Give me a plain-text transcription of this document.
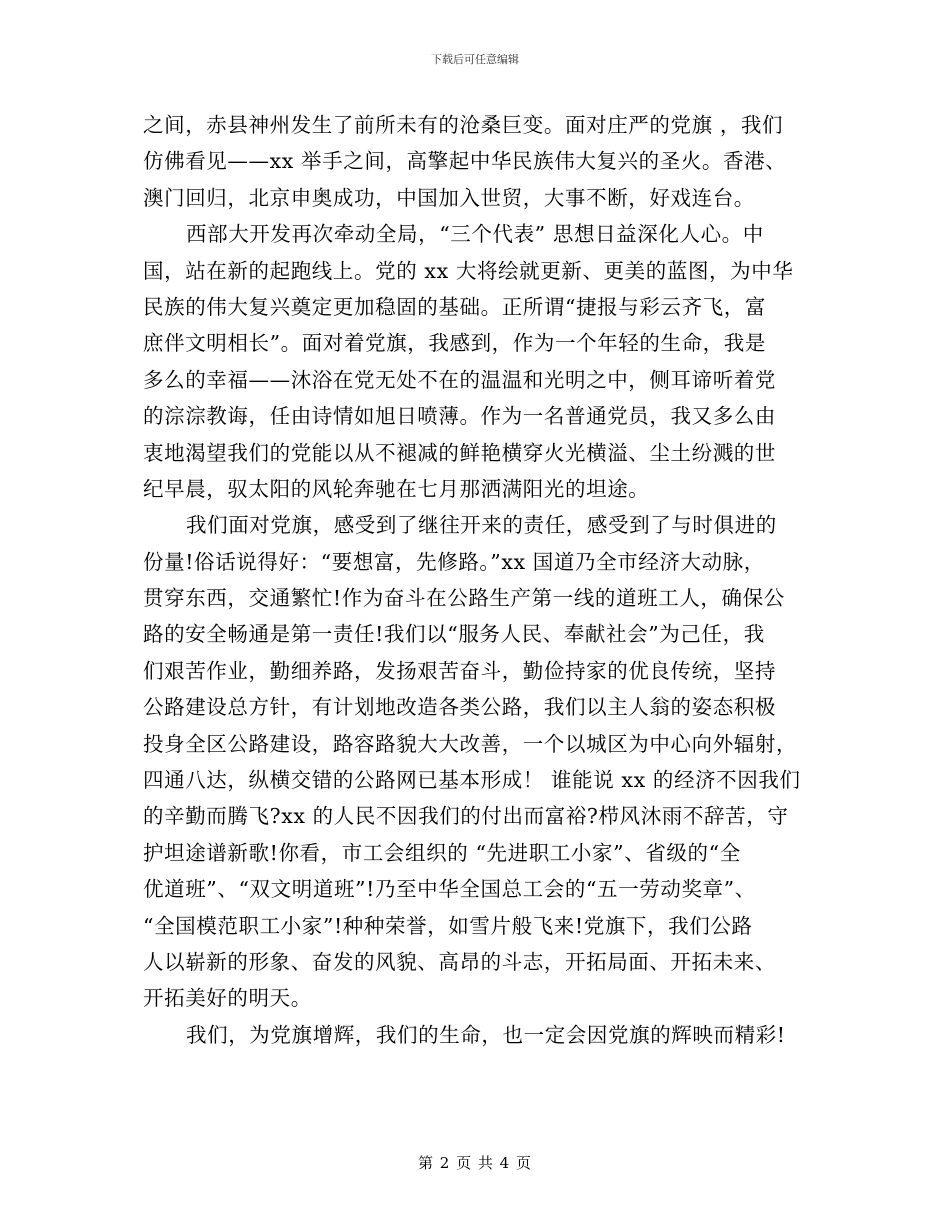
下载后可任意编辑
之间，赤县神州发生了前所未有的沧桑巨变。面对庄严的党旗 ，我们
仿佛看见——xx 举手之间，高擎起中华民族伟大复兴的圣火。香港、
澳门回归，北京申奥成功，中国加入世贸，大事不断，好戏连台。
西部大开发再次牵动全局，“三个代表” 思想日益深化人心。中
国，站在新的起跑线上。党的 xx 大将绘就更新、更美的蓝图，为中华
民族的伟大复兴奠定更加稳固的基础。正所谓“捷报与彩云齐飞，富
庶伴文明相长”。面对着党旗，我感到，作为一个年轻的生命，我是
多么的幸福——沐浴在党无处不在的温温和光明之中，侧耳谛听着党
的淙淙教诲，任由诗情如旭日喷薄。作为一名普通党员，我又多么由
衷地渴望我们的党能以从不褪减的鲜艳横穿火光横溢、尘土纷溅的世
纪早晨，驭太阳的风轮奔驰在七月那洒满阳光的坦途。
我们面对党旗，感受到了继往开来的责任，感受到了与时俱进的
份量!俗话说得好：“要想富，先修路。”xx 国道乃全市经济大动脉，
贯穿东西，交通繁忙!作为奋斗在公路生产第一线的道班工人，确保公
路的安全畅通是第一责任!我们以“服务人民、奉献社会”为己任，我
们艰苦作业，勤细养路，发扬艰苦奋斗，勤俭持家的优良传统，坚持
公路建设总方针，有计划地改造各类公路，我们以主人翁的姿态积极
投身全区公路建设，路容路貌大大改善，一个以城区为中心向外辐射，
四通八达，纵横交错的公路网已基本形成！ 谁能说 xx 的经济不因我们
的辛勤而腾飞?xx 的人民不因我们的付出而富裕?栉风沐雨不辞苦，守
护坦途谱新歌!你看，市工会组织的 “先进职工小家”、省级的“全
优道班”、“双文明道班”!乃至中华全国总工会的“五一劳动奖章”、
“全国模范职工小家”!种种荣誉，如雪片般飞来!党旗下，我们公路
人以崭新的形象、奋发的风貌、高昂的斗志，开拓局面、开拓未来、
开拓美好的明天。
我们，为党旗增辉，我们的生命，也一定会因党旗的辉映而精彩!
第 2 页 共 4 页
